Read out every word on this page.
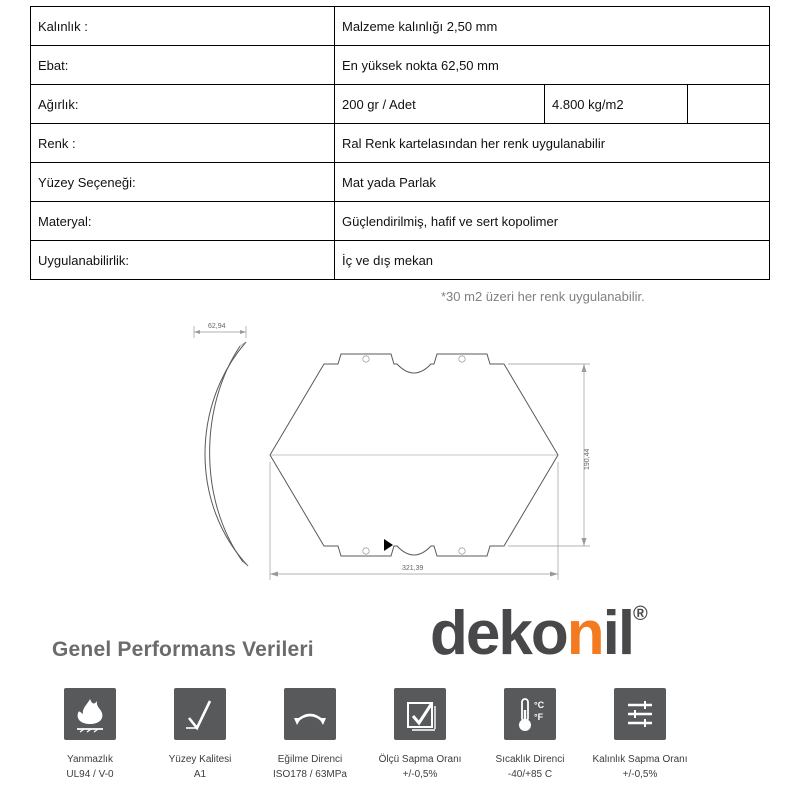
Kalınlık :	Malzeme kalınlığı 2,50 mm
Ebat:	En yüksek nokta 62,50 mm
Ağırlık:	200 gr / Adet	4.800 kg/m2
Renk :	Ral Renk kartelasından her renk uygulanabilir
Yüzey Seçeneği:	Mat yada Parlak
Materyal:	Güçlendirilmiş, hafif ve sert kopolimer
Uygulanabilirlik:	İç ve dış mekan
*30 m2 üzeri her renk uygulanabilir.
62,94
321,39
190,44
Genel Performans Verileri dekonil®
Yanmazlık
UL94 / V-0
Yüzey Kalitesi
A1
Eğilme Direnci
ISO178 / 63MPa
Ölçü Sapma Oranı
+/-0,5%
°C
°F
Sıcaklık Direnci
-40/+85 C
Kalınlık Sapma Oranı
+/-0,5%
